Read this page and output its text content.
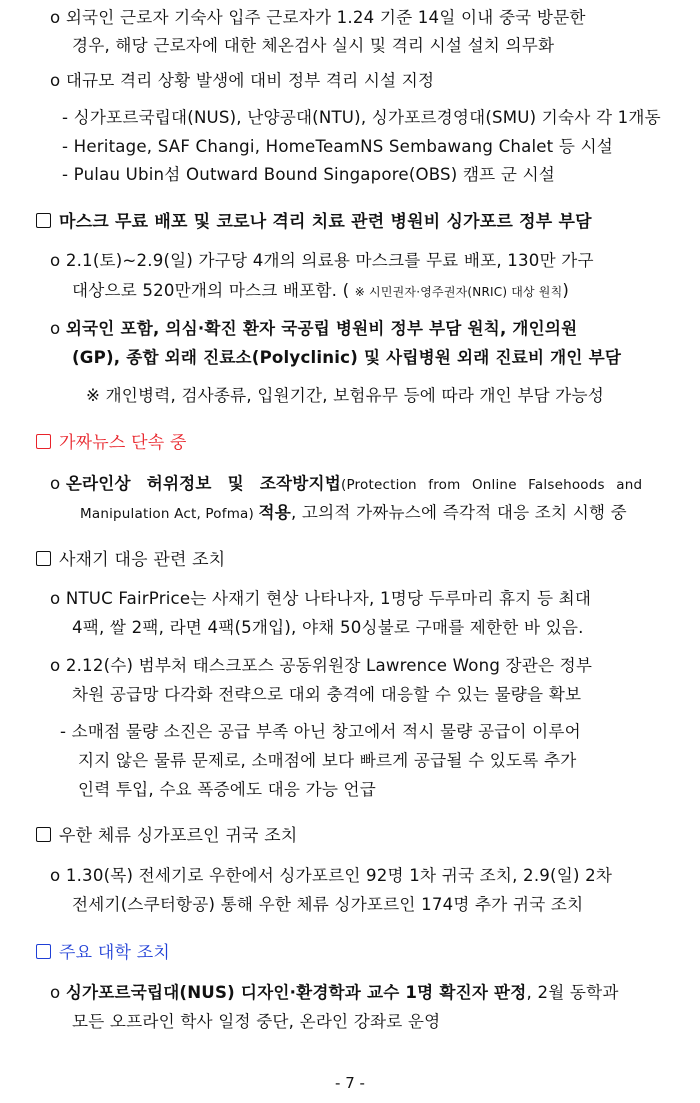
o 외국인 근로자 기숙사 입주 근로자가 1.24 기준 14일 이내 중국 방문한
경우, 해당 근로자에 대한 체온검사 실시 및 격리 시설 설치 의무화
o 대규모 격리 상황 발생에 대비 정부 격리 시설 지정
- 싱가포르국립대(NUS), 난양공대(NTU), 싱가포르경영대(SMU) 기숙사 각 1개동
- Heritage, SAF Changi, HomeTeamNS Sembawang Chalet 등 시설
- Pulau Ubin섬 Outward Bound Singapore(OBS) 캠프 군 시설
마스크 무료 배포 및 코로나 격리 치료 관련 병원비 싱가포르 정부 부담
o 2.1(토)~2.9(일) 가구당 4개의 의료용 마스크를 무료 배포, 130만 가구
대상으로 520만개의 마스크 배포함. ( ※ 시민권자·영주권자(NRIC) 대상 원칙)
o 외국인 포함, 의심·확진 환자 국공립 병원비 정부 부담 원칙, 개인의원
(GP), 종합 외래 진료소(Polyclinic) 및 사립병원 외래 진료비 개인 부담
※ 개인병력, 검사종류, 입원기간, 보험유무 등에 따라 개인 부담 가능성
가짜뉴스 단속 중
o 온라인상 허위정보 및 조작방지법(Protection from Online Falsehoods and
Manipulation Act, Pofma) 적용, 고의적 가짜뉴스에 즉각적 대응 조치 시행 중
사재기 대응 관련 조치
o NTUC FairPrice는 사재기 현상 나타나자, 1명당 두루마리 휴지 등 최대
4팩, 쌀 2팩, 라면 4팩(5개입), 야채 50싱불로 구매를 제한한 바 있음.
o 2.12(수) 범부처 태스크포스 공동위원장 Lawrence Wong 장관은 정부
차원 공급망 다각화 전략으로 대외 충격에 대응할 수 있는 물량을 확보
- 소매점 물량 소진은 공급 부족 아닌 창고에서 적시 물량 공급이 이루어
지지 않은 물류 문제로, 소매점에 보다 빠르게 공급될 수 있도록 추가
인력 투입, 수요 폭증에도 대응 가능 언급
우한 체류 싱가포르인 귀국 조치
o 1.30(목) 전세기로 우한에서 싱가포르인 92명 1차 귀국 조치, 2.9(일) 2차
전세기(스쿠터항공) 통해 우한 체류 싱가포르인 174명 추가 귀국 조치
주요 대학 조치
o 싱가포르국립대(NUS) 디자인·환경학과 교수 1명 확진자 판정, 2월 동학과
모든 오프라인 학사 일정 중단, 온라인 강좌로 운영
- 7 -
